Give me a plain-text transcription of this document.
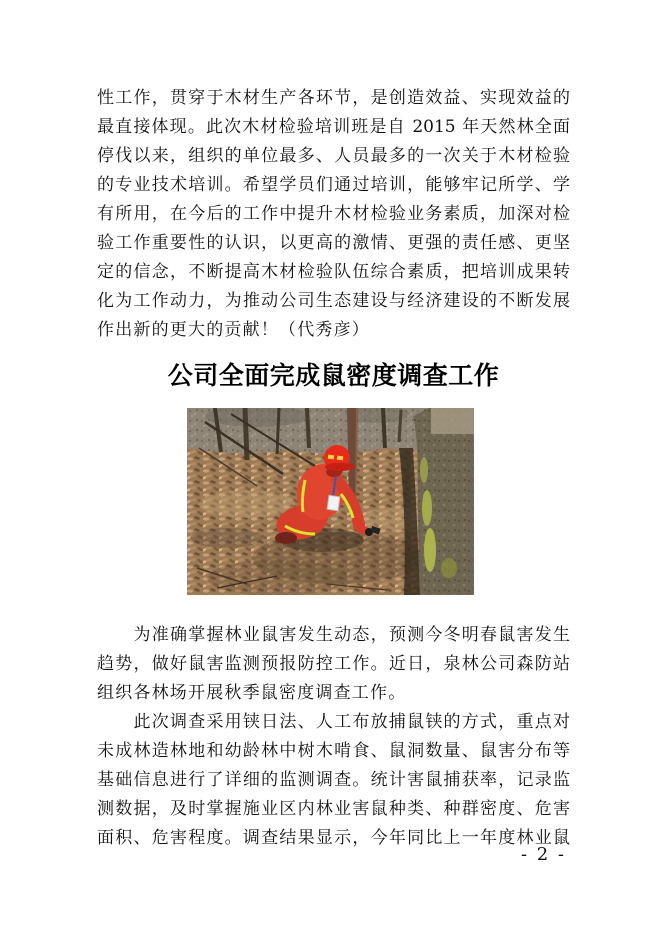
性工作，贯穿于木材生产各环节，是创造效益、实现效益的
最直接体现。此次木材检验培训班是自 2015 年天然林全面
停伐以来，组织的单位最多、人员最多的一次关于木材检验
的专业技术培训。希望学员们通过培训，能够牢记所学、学
有所用，在今后的工作中提升木材检验业务素质，加深对检
验工作重要性的认识，以更高的激情、更强的责任感、更坚
定的信念，不断提高木材检验队伍综合素质，把培训成果转
化为工作动力，为推动公司生态建设与经济建设的不断发展
作出新的更大的贡献！（代秀彦）
公司全面完成鼠密度调查工作
　　为准确掌握林业鼠害发生动态，预测今冬明春鼠害发生
趋势，做好鼠害监测预报防控工作。近日，泉林公司森防站
组织各林场开展秋季鼠密度调查工作。
　　此次调查采用铗日法、人工布放捕鼠铗的方式，重点对
未成林造林地和幼龄林中树木啃食、鼠洞数量、鼠害分布等
基础信息进行了详细的监测调查。统计害鼠捕获率，记录监
测数据，及时掌握施业区内林业害鼠种类、种群密度、危害
面积、危害程度。调查结果显示，今年同比上一年度林业鼠
- 2 -
